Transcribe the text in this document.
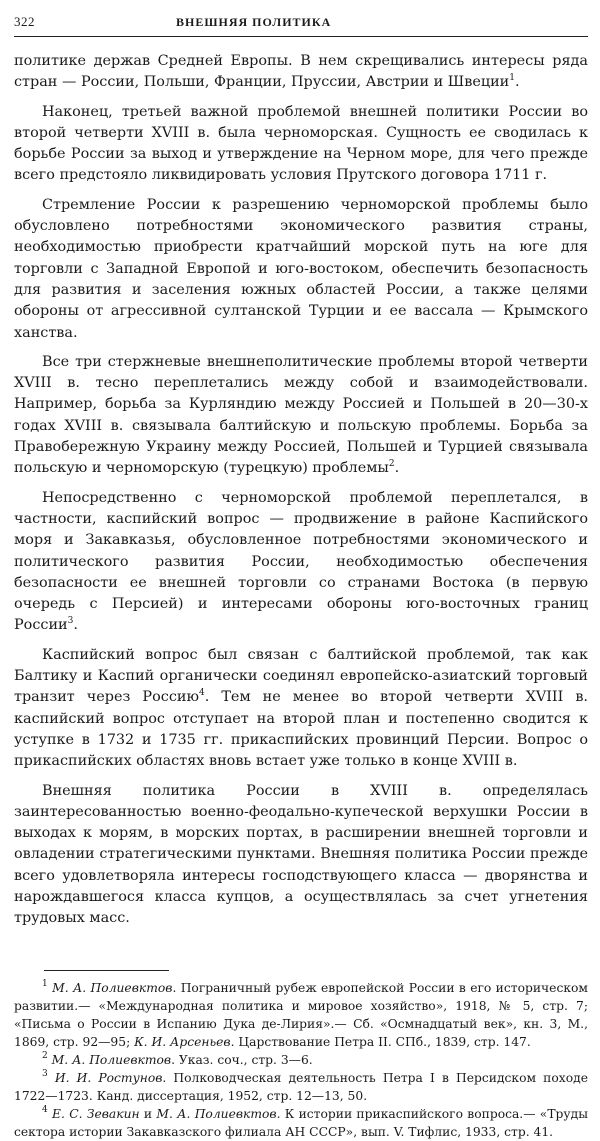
322	ВНЕШНЯЯ ПОЛИТИКА

политике держав Средней Европы. В нем скрещивались интересы ряда стран — России, Польши, Франции, Пруссии, Австрии и Швеции$^1$.

Наконец, третьей важной проблемой внешней политики России во второй четверти XVIII в. была черноморская. Сущность ее сводилась к борьбе России за выход и утверждение на Черном море, для чего прежде всего предстояло ликвидировать условия Прутского договора 1711 г.

Стремление России к разрешению черноморской проблемы было обусловлено потребностями экономического развития страны, необходимостью приобрести кратчайший морской путь на юге для торговли с Западной Европой и юго-востоком, обеспечить безопасность для развития и заселения южных областей России, а также целями обороны от агрессивной султанской Турции и ее вассала — Крымского ханства.

Все три стержневые внешнеполитические проблемы второй четверти XVIII в. тесно переплетались между собой и взаимодействовали. Например, борьба за Курляндию между Россией и Польшей в 20—30-х годах XVIII в. связывала балтийскую и польскую проблемы. Борьба за Правобережную Украину между Россией, Польшей и Турцией связывала польскую и черноморскую (турецкую) проблемы$^2$.

Непосредственно с черноморской проблемой переплетался, в частности, каспийский вопрос — продвижение в районе Каспийского моря и Закавказья, обусловленное потребностями экономического и политического развития России, необходимостью обеспечения безопасности ее внешней торговли со странами Востока (в первую очередь с Персией) и интересами обороны юго-восточных границ России$^3$.

Каспийский вопрос был связан с балтийской проблемой, так как Балтику и Каспий органически соединял европейско-азиатский торговый транзит через Россию$^4$. Тем не менее во второй четверти XVIII в. каспийский вопрос отступает на второй план и постепенно сводится к уступке в 1732 и 1735 гг. прикаспийских провинций Персии. Вопрос о прикаспийских областях вновь встает уже только в конце XVIII в.

Внешняя политика России в XVIII в. определялась заинтересованностью военно-феодально-купеческой верхушки России в выходах к морям, в морских портах, в расширении внешней торговли и овладении стратегическими пунктами. Внешняя политика России прежде всего удовлетворяла интересы господствующего класса — дворянства и нарождавшегося класса купцов, а осуществлялась за счет угнетения трудовых масс.

$^1$ М. А. Полиевктов. Пограничный рубеж европейской России в его историческом развитии.— «Международная политика и мировое хозяйство», 1918, № 5, стр. 7; «Письма о России в Испанию Дука де-Лирия».— Сб. «Осмнадцатый век», кн. 3, М., 1869, стр. 92—95; К. И. Арсеньев. Царствование Петра II. СПб., 1839, стр. 147.

$^2$ М. А. Полиевктов. Указ. соч., стр. 3—6.

$^3$ И. И. Ростунов. Полководческая деятельность Петра I в Персидском походе 1722—1723. Канд. диссертация, 1952, стр. 12—13, 50.

$^4$ Е. С. Зевакин и М. А. Полиевктов. К истории прикаспийского вопроса.— «Труды сектора истории Закавказского филиала АН СССР», вып. V. Тифлис, 1933, стр. 41.
